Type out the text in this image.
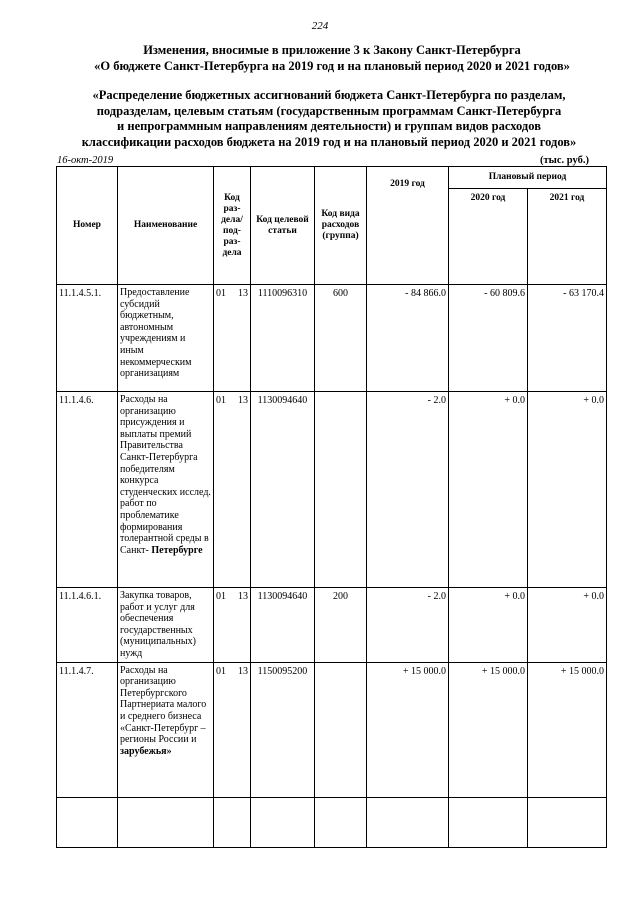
224
Изменения, вносимые в приложение 3 к Закону Санкт-Петербурга
«О бюджете Санкт-Петербурга на 2019 год и на плановый период 2020 и 2021 годов»
«Распределение бюджетных ассигнований бюджета Санкт-Петербурга по разделам,
подразделам, целевым статьям (государственным программам Санкт-Петербурга
и непрограммным направлениям деятельности) и группам видов расходов
классификации расходов бюджета на 2019 год и на плановый период 2020 и 2021 годов»
16-окт-2019	(тыс. руб.)
Номер	Наименование	Код раз- дела/ под- раз- дела	Код целевой статьи	Код вида расходов (группа)	2019 год	Плановый период	
						2020 год	2021 год
11.1.4.5.1.	Предоставление субсидий бюджетным, автономным учреждениям и иным некоммерческим организациям	01 13	1110096310	600	- 84 866.0	- 60 809.6	- 63 170.4
11.1.4.6.	Расходы на организацию присуждения и выплаты премий Правительства Санкт-Петербурга победителям конкурса студенческих исслед. работ по проблематике формирования толерантной среды в Санкт- Петербурге	01 13	1130094640		- 2.0	+ 0.0	+ 0.0
11.1.4.6.1.	Закупка товаров, работ и услуг для обеспечения государственных (муниципальных) нужд	01 13	1130094640	200	- 2.0	+ 0.0	+ 0.0
11.1.4.7.	Расходы на организацию Петербургского Партнериата малого и среднего бизнеса «Санкт-Петербург – регионы России и зарубежья»	01 13	1150095200		+ 15 000.0	+ 15 000.0	+ 15 000.0
